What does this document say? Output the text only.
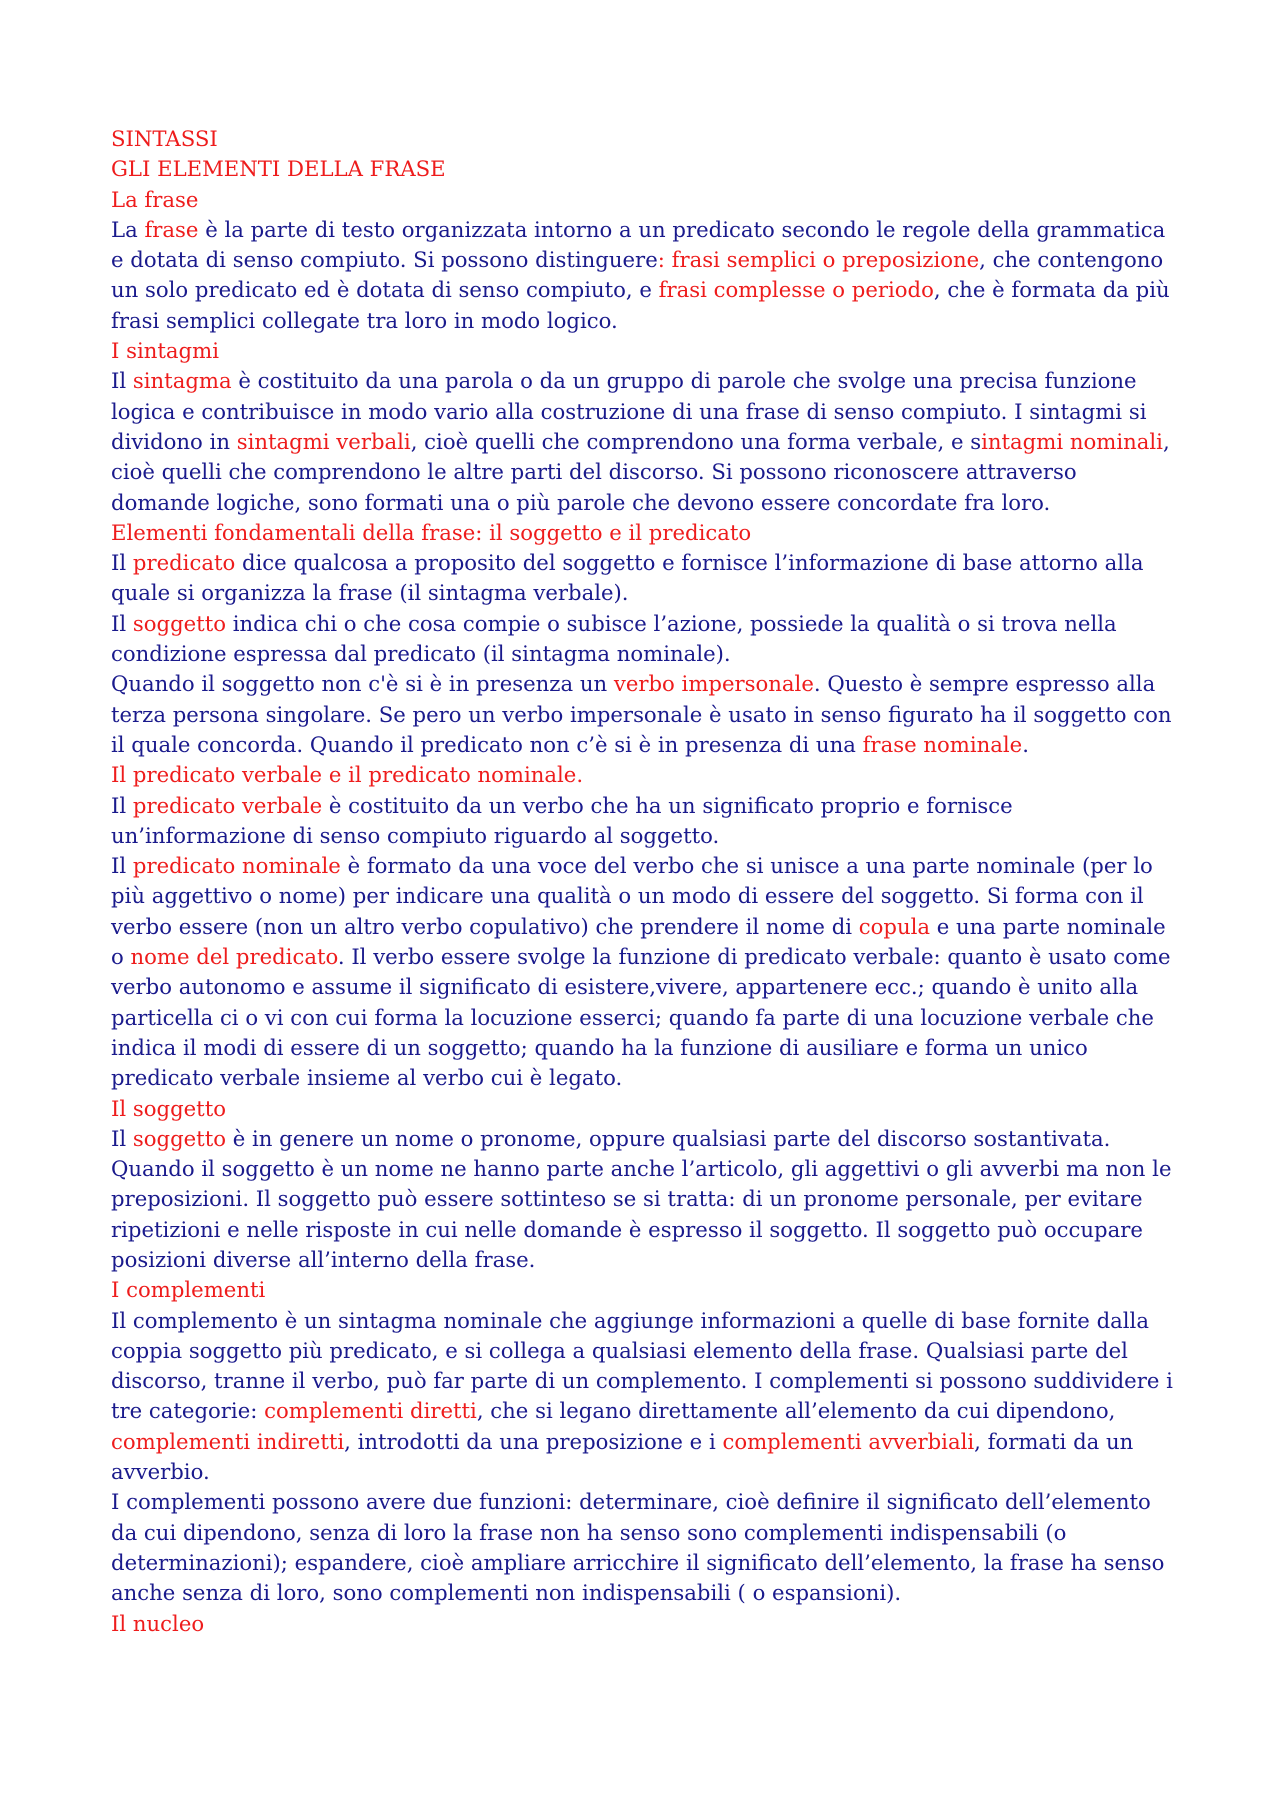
SINTASSI

GLI ELEMENTI DELLA FRASE

La frase

La frase è la parte di testo organizzata intorno a un predicato secondo le regole della grammatica e dotata di senso compiuto. Si possono distinguere: frasi semplici o preposizione, che contengono un solo predicato ed è dotata di senso compiuto, e frasi complesse o periodo, che è formata da più frasi semplici collegate tra loro in modo logico.

I sintagmi

Il sintagma è costituito da una parola o da un gruppo di parole che svolge una precisa funzione logica e contribuisce in modo vario alla costruzione di una frase di senso compiuto. I sintagmi si dividono in sintagmi verbali, cioè quelli che comprendono una forma verbale, e sintagmi nominali, cioè quelli che comprendono le altre parti del discorso. Si possono riconoscere attraverso domande logiche, sono formati una o più parole che devono essere concordate fra loro.

Elementi fondamentali della frase: il soggetto e il predicato

Il predicato dice qualcosa a proposito del soggetto e fornisce l’informazione di base attorno alla quale si organizza la frase (il sintagma verbale).

Il soggetto indica chi o che cosa compie o subisce l’azione, possiede la qualità o si trova nella condizione espressa dal predicato (il sintagma nominale).

Quando il soggetto non c'è si è in presenza un verbo impersonale. Questo è sempre espresso alla terza persona singolare. Se pero un verbo impersonale è usato in senso figurato ha il soggetto con il quale concorda. Quando il predicato non c’è si è in presenza di una frase nominale.

Il predicato verbale e il predicato nominale.

Il predicato verbale è costituito da un verbo che ha un significato proprio e fornisce un’informazione di senso compiuto riguardo al soggetto.

Il predicato nominale è formato da una voce del verbo che si unisce a una parte nominale (per lo più aggettivo o nome) per indicare una qualità o un modo di essere del soggetto. Si forma con il verbo essere (non un altro verbo copulativo) che prendere il nome di copula e una parte nominale o nome del predicato. Il verbo essere svolge la funzione di predicato verbale: quanto è usato come verbo autonomo e assume il significato di esistere,vivere, appartenere ecc.; quando è unito alla particella ci o vi con cui forma la locuzione esserci; quando fa parte di una locuzione verbale che indica il modi di essere di un soggetto; quando ha la funzione di ausiliare e forma un unico predicato verbale insieme al verbo cui è legato.

Il soggetto

Il soggetto è in genere un nome o pronome, oppure qualsiasi parte del discorso sostantivata. Quando il soggetto è un nome ne hanno parte anche l’articolo, gli aggettivi o gli avverbi ma non le preposizioni. Il soggetto può essere sottinteso se si tratta: di un pronome personale, per evitare ripetizioni e nelle risposte in cui nelle domande è espresso il soggetto. Il soggetto può occupare posizioni diverse all’interno della frase.

I complementi

Il complemento è un sintagma nominale che aggiunge informazioni a quelle di base fornite dalla coppia soggetto più predicato, e si collega a qualsiasi elemento della frase. Qualsiasi parte del discorso, tranne il verbo, può far parte di un complemento. I complementi si possono suddividere i tre categorie: complementi diretti, che si legano direttamente all’elemento da cui dipendono, complementi indiretti, introdotti da una preposizione e i complementi avverbiali, formati da un avverbio.

I complementi possono avere due funzioni: determinare, cioè definire il significato dell’elemento da cui dipendono, senza di loro la frase non ha senso sono complementi indispensabili (o determinazioni); espandere, cioè ampliare arricchire il significato dell’elemento, la frase ha senso anche senza di loro, sono complementi non indispensabili ( o espansioni).

Il nucleo
